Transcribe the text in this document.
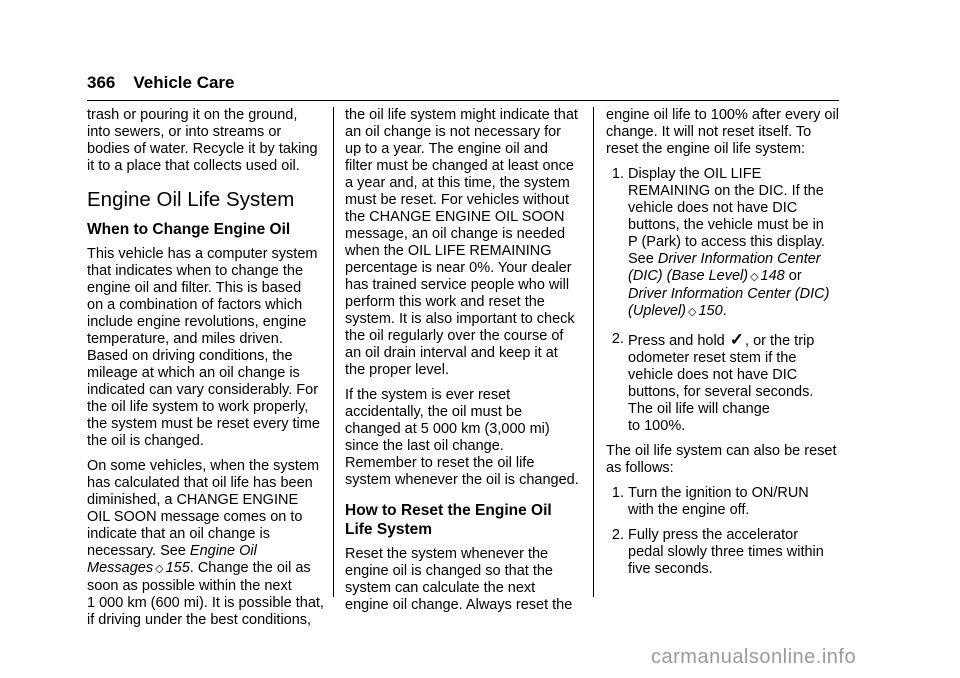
366 Vehicle Care

trash or pouring it on the ground,
into sewers, or into streams or
bodies of water. Recycle it by taking
it to a place that collects used oil.

Engine Oil Life System
When to Change Engine Oil

This vehicle has a computer system
that indicates when to change the
engine oil and filter. This is based
on a combination of factors which
include engine revolutions, engine
temperature, and miles driven.
Based on driving conditions, the
mileage at which an oil change is
indicated can vary considerably. For
the oil life system to work properly,
the system must be reset every time
the oil is changed.

On some vehicles, when the system
has calculated that oil life has been
diminished, a CHANGE ENGINE
OIL SOON message comes on to
indicate that an oil change is
necessary. See Engine Oil
Messages ◇ 155. Change the oil as
soon as possible within the next
1 000 km (600 mi). It is possible that,
if driving under the best conditions,

the oil life system might indicate that
an oil change is not necessary for
up to a year. The engine oil and
filter must be changed at least once
a year and, at this time, the system
must be reset. For vehicles without
the CHANGE ENGINE OIL SOON
message, an oil change is needed
when the OIL LIFE REMAINING
percentage is near 0%. Your dealer
has trained service people who will
perform this work and reset the
system. It is also important to check
the oil regularly over the course of
an oil drain interval and keep it at
the proper level.

If the system is ever reset
accidentally, the oil must be
changed at 5 000 km (3,000 mi)
since the last oil change.
Remember to reset the oil life
system whenever the oil is changed.

How to Reset the Engine Oil
Life System

Reset the system whenever the
engine oil is changed so that the
system can calculate the next
engine oil change. Always reset the

engine oil life to 100% after every oil
change. It will not reset itself. To
reset the engine oil life system:

1. Display the OIL LIFE
REMAINING on the DIC. If the
vehicle does not have DIC
buttons, the vehicle must be in
P (Park) to access this display.
See Driver Information Center
(DIC) (Base Level) ◇ 148 or
Driver Information Center (DIC)
(Uplevel) ◇ 150.
2. Press and hold ✓, or the trip
odometer reset stem if the
vehicle does not have DIC
buttons, for several seconds.
The oil life will change
to 100%.

The oil life system can also be reset
as follows:

1. Turn the ignition to ON/RUN
with the engine off.
2. Fully press the accelerator
pedal slowly three times within
five seconds.
carmanualsonline.info
